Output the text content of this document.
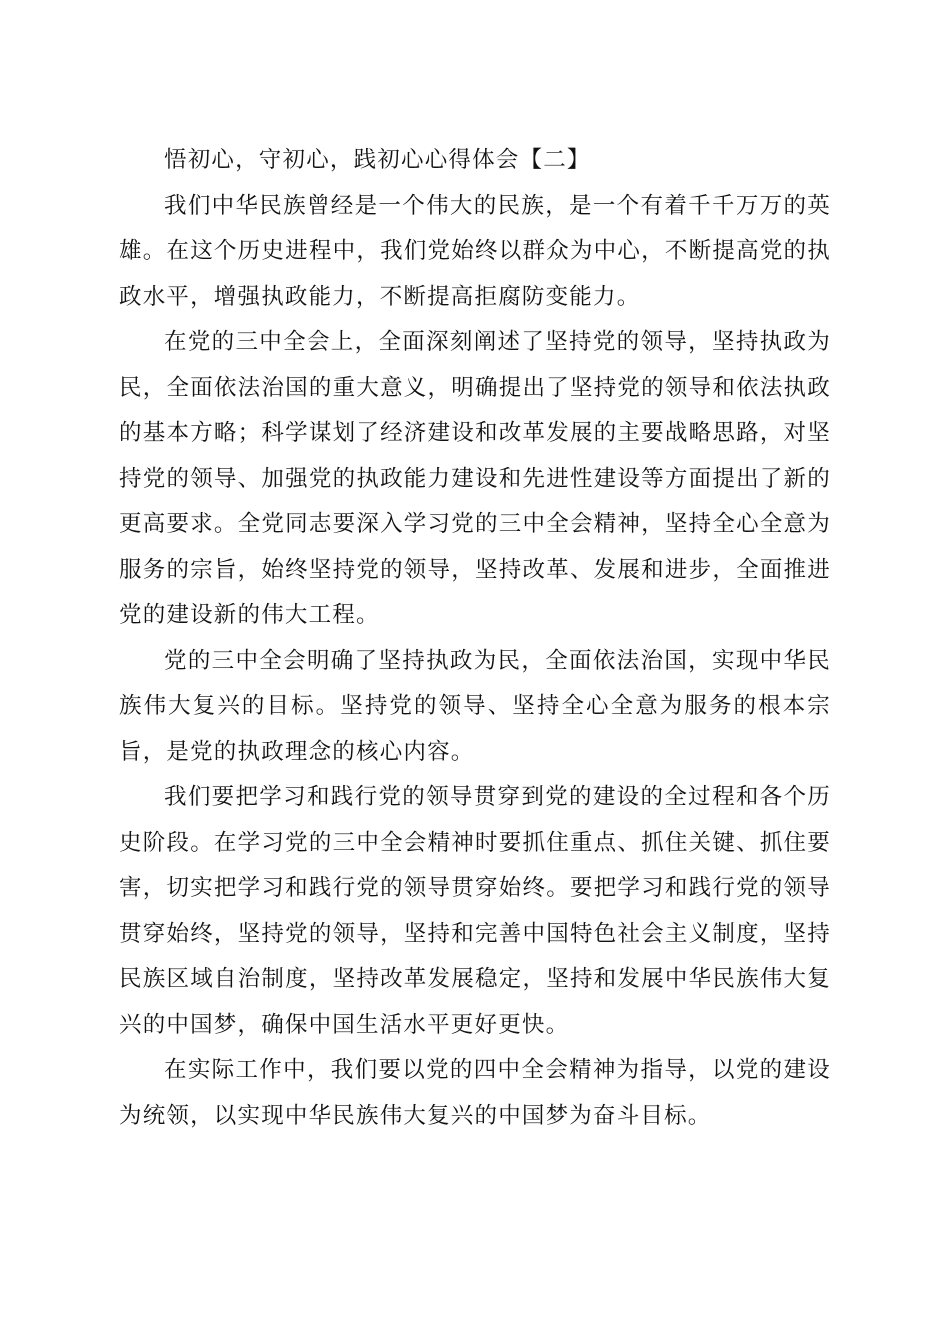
悟初心，守初心，践初心心得体会【二】

我们中华民族曾经是一个伟大的民族，是一个有着千千万万的英雄。在这个历史进程中，我们党始终以群众为中心，不断提高党的执政水平，增强执政能力，不断提高拒腐防变能力。

在党的三中全会上，全面深刻阐述了坚持党的领导，坚持执政为民，全面依法治国的重大意义，明确提出了坚持党的领导和依法执政的基本方略；科学谋划了经济建设和改革发展的主要战略思路，对坚持党的领导、加强党的执政能力建设和先进性建设等方面提出了新的更高要求。全党同志要深入学习党的三中全会精神，坚持全心全意为服务的宗旨，始终坚持党的领导，坚持改革、发展和进步，全面推进党的建设新的伟大工程。

党的三中全会明确了坚持执政为民，全面依法治国，实现中华民族伟大复兴的目标。坚持党的领导、坚持全心全意为服务的根本宗旨，是党的执政理念的核心内容。

我们要把学习和践行党的领导贯穿到党的建设的全过程和各个历史阶段。在学习党的三中全会精神时要抓住重点、抓住关键、抓住要害，切实把学习和践行党的领导贯穿始终。要把学习和践行党的领导贯穿始终，坚持党的领导，坚持和完善中国特色社会主义制度，坚持民族区域自治制度，坚持改革发展稳定，坚持和发展中华民族伟大复兴的中国梦，确保中国生活水平更好更快。

在实际工作中，我们要以党的四中全会精神为指导，以党的建设为统领，以实现中华民族伟大复兴的中国梦为奋斗目标。
